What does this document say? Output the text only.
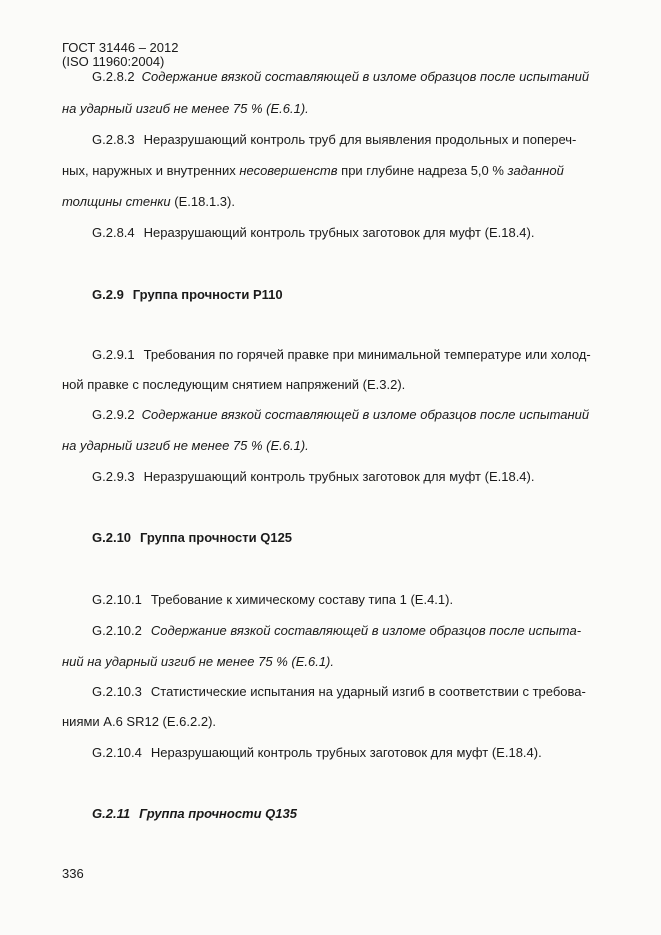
ГОСТ 31446 – 2012
(ISO 11960:2004)
G.2.8.2 Содержание вязкой составляющей в изломе образцов после испытаний
на ударный изгиб не менее 75 % (E.6.1).
G.2.8.3 Неразрушающий контроль труб для выявления продольных и попереч-
ных, наружных и внутренних несовершенств при глубине надреза 5,0 % заданной
толщины стенки (E.18.1.3).
G.2.8.4 Неразрушающий контроль трубных заготовок для муфт (E.18.4).
G.2.9 Группа прочности P110
G.2.9.1 Требования по горячей правке при минимальной температуре или холод-
ной правке с последующим снятием напряжений (E.3.2).
G.2.9.2 Содержание вязкой составляющей в изломе образцов после испытаний
на ударный изгиб не менее 75 % (E.6.1).
G.2.9.3 Неразрушающий контроль трубных заготовок для муфт (E.18.4).
G.2.10 Группа прочности Q125
G.2.10.1 Требование к химическому составу типа 1 (E.4.1).
G.2.10.2 Содержание вязкой составляющей в изломе образцов после испыта-
ний на ударный изгиб не менее 75 % (E.6.1).
G.2.10.3 Статистические испытания на ударный изгиб в соответствии с требова-
ниями A.6 SR12 (E.6.2.2).
G.2.10.4 Неразрушающий контроль трубных заготовок для муфт (E.18.4).
G.2.11 Группа прочности Q135
336
